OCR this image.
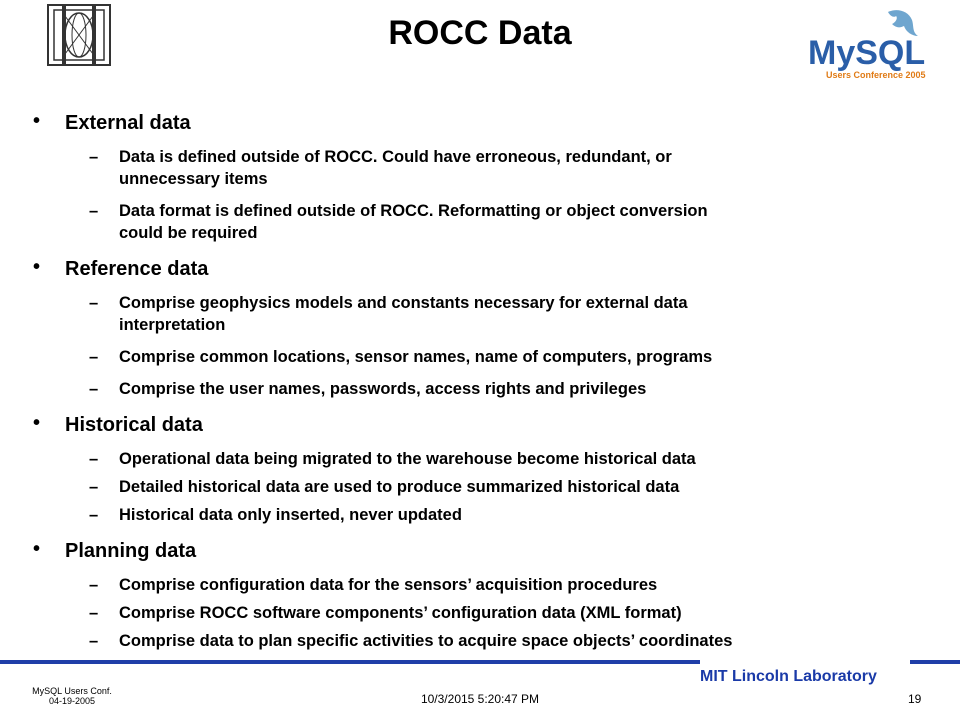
ROCC Data
MySQL
Users Conference 2005
• External data
– Data is defined outside of ROCC. Could have erroneous, redundant, or
unnecessary items
– Data format is defined outside of ROCC. Reformatting or object conversion
could be required
• Reference data
– Comprise geophysics models and constants necessary for external data
interpretation
– Comprise common locations, sensor names, name of computers, programs
– Comprise the user names, passwords, access rights and privileges
• Historical data
– Operational data being migrated to the warehouse become historical data
– Detailed historical data are used to produce summarized historical data
– Historical data only inserted, never updated
• Planning data
– Comprise configuration data for the sensors’ acquisition procedures
– Comprise ROCC software components’ configuration data (XML format)
– Comprise data to plan specific activities to acquire space objects’ coordinates
MIT Lincoln Laboratory
MySQL Users Conf.
04-19-2005	10/3/2015 5:20:47 PM	19
